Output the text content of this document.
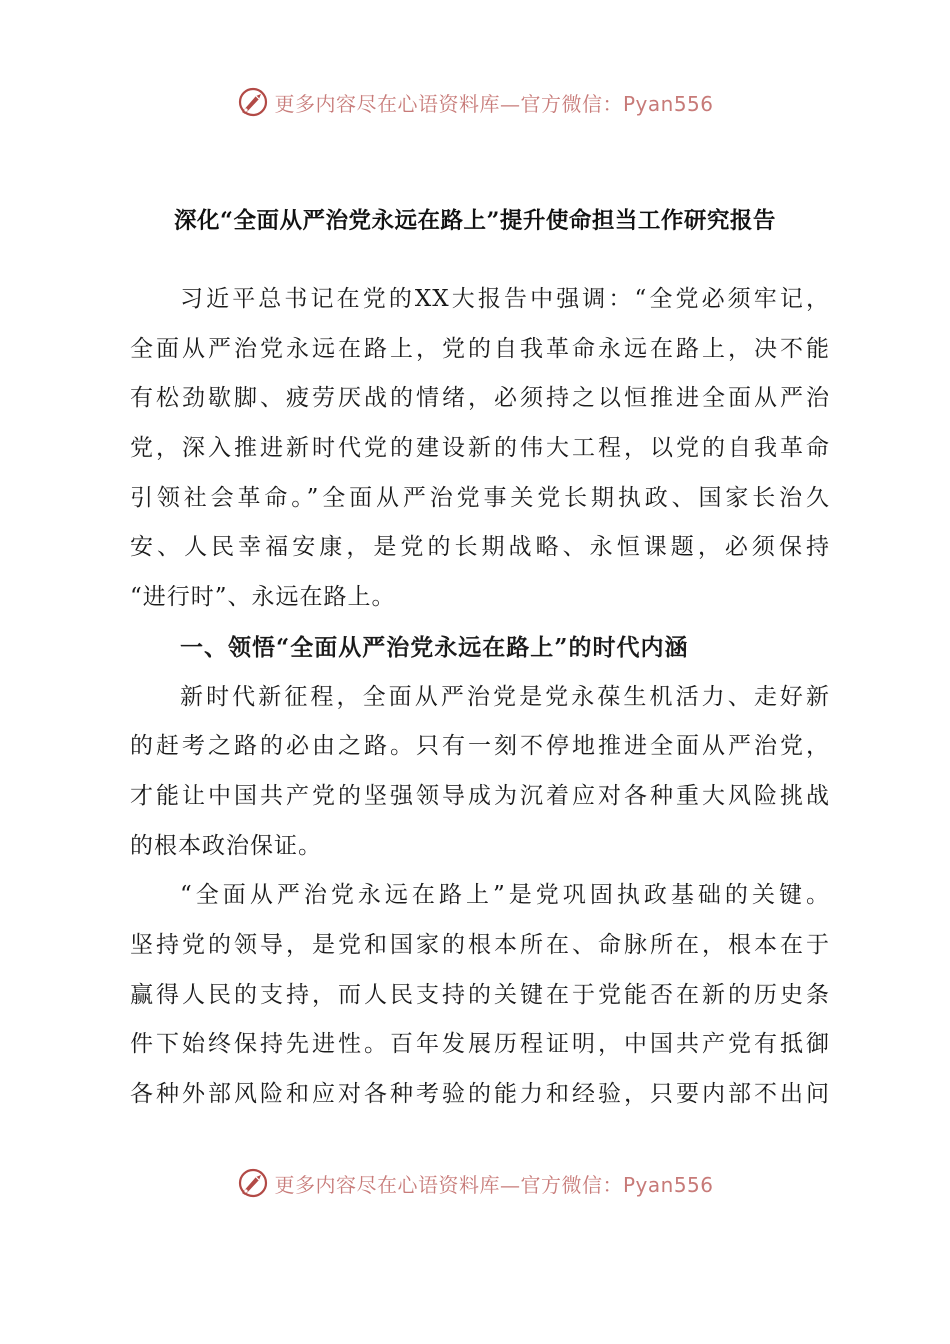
更多内容尽在心语资料库—官方微信：Pyan556
深化“全面从严治党永远在路上”提升使命担当工作研究报告
习近平总书记在党的XX大报告中强调：“全党必须牢记，
全面从严治党永远在路上，党的自我革命永远在路上，决不能
有松劲歇脚、疲劳厌战的情绪，必须持之以恒推进全面从严治
党，深入推进新时代党的建设新的伟大工程，以党的自我革命
引领社会革命。”全面从严治党事关党长期执政、国家长治久
安、人民幸福安康，是党的长期战略、永恒课题，必须保持
“进行时”、永远在路上。
一、领悟“全面从严治党永远在路上”的时代内涵
新时代新征程，全面从严治党是党永葆生机活力、走好新
的赶考之路的必由之路。只有一刻不停地推进全面从严治党，
才能让中国共产党的坚强领导成为沉着应对各种重大风险挑战
的根本政治保证。
“全面从严治党永远在路上”是党巩固执政基础的关键。
坚持党的领导，是党和国家的根本所在、命脉所在，根本在于
赢得人民的支持，而人民支持的关键在于党能否在新的历史条
件下始终保持先进性。百年发展历程证明，中国共产党有抵御
各种外部风险和应对各种考验的能力和经验，只要内部不出问
更多内容尽在心语资料库—官方微信：Pyan556
